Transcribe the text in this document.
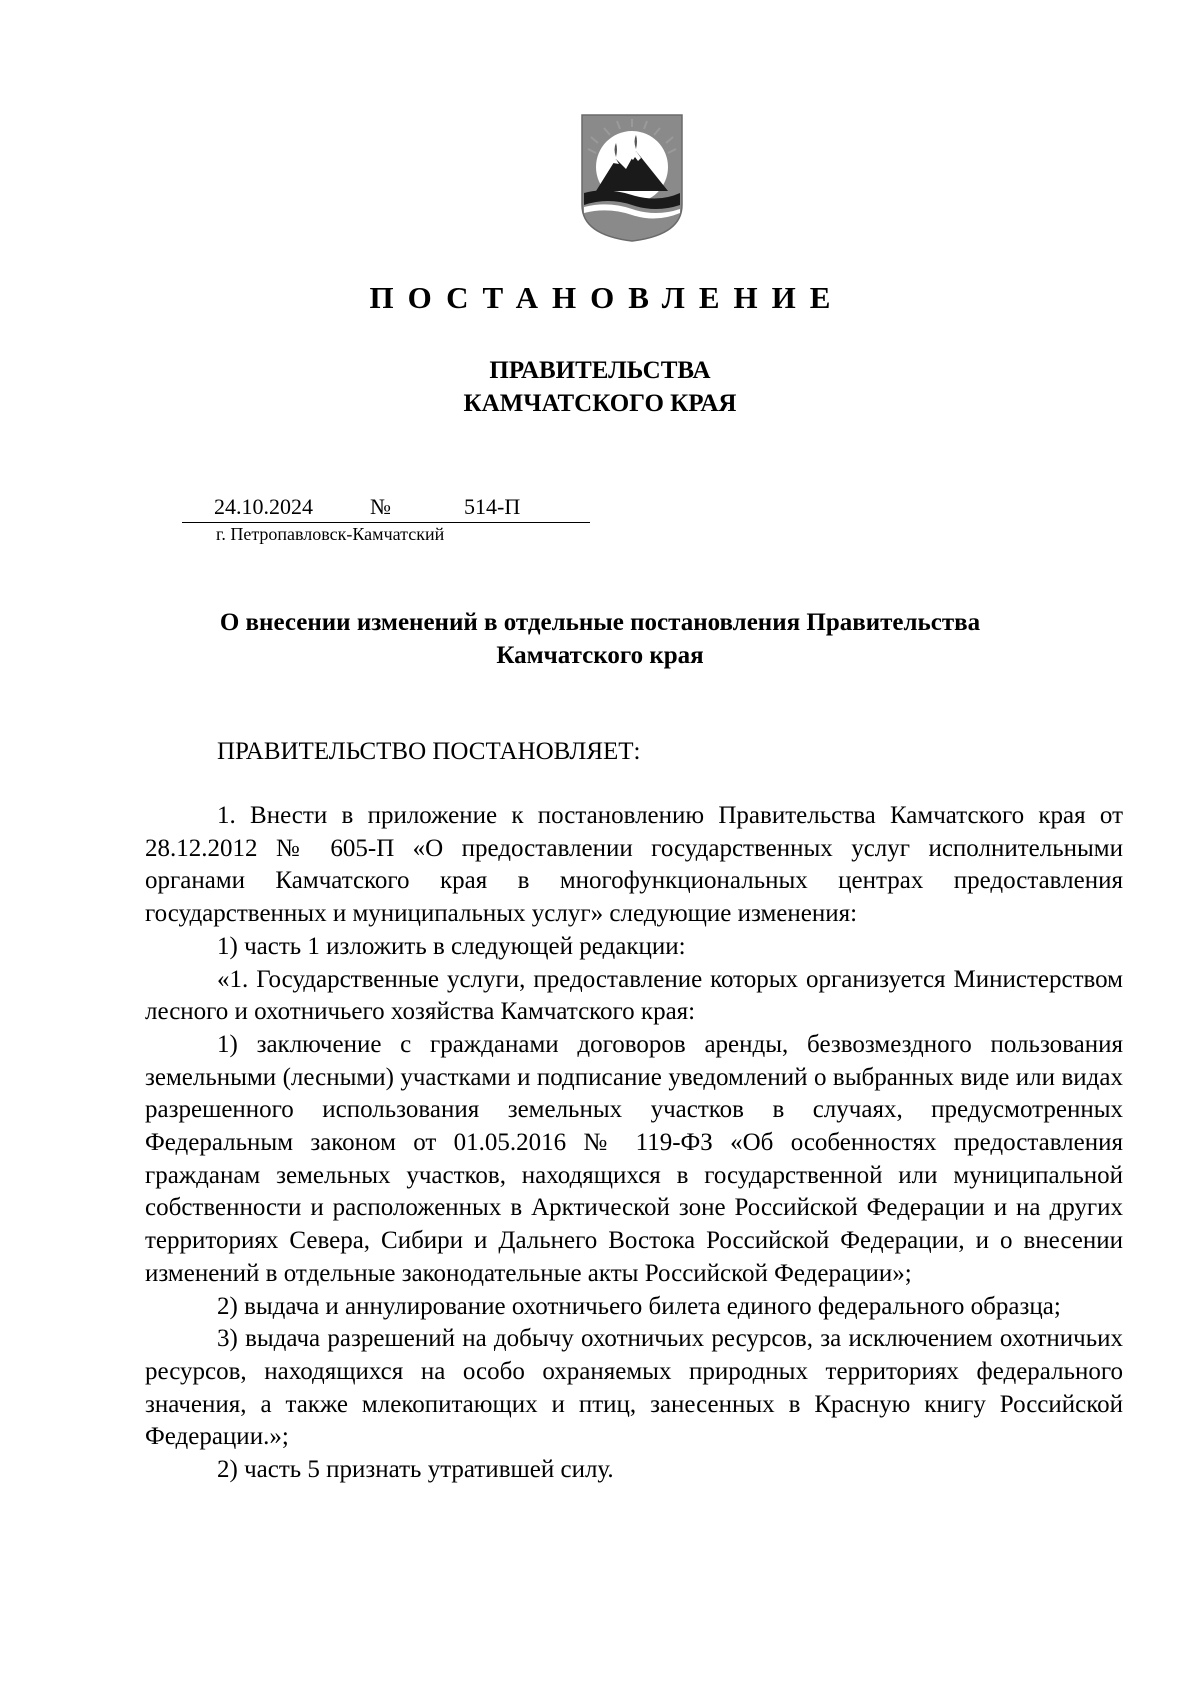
ПОСТАНОВЛЕНИЕ
ПРАВИТЕЛЬСТВА
КАМЧАТСКОГО КРАЯ
24.10.2024	№	514-П
г. Петропавловск-Камчатский
О внесении изменений в отдельные постановления Правительства
Камчатского края
ПРАВИТЕЛЬСТВО ПОСТАНОВЛЯЕТ:

1. Внести в приложение к постановлению Правительства Камчатского края от 28.12.2012 № 605-П «О предоставлении государственных услуг исполнительными органами Камчатского края в многофункциональных центрах предоставления государственных и муниципальных услуг» следующие изменения:

1) часть 1 изложить в следующей редакции:

«1. Государственные услуги, предоставление которых организуется Министерством лесного и охотничьего хозяйства Камчатского края:

1) заключение с гражданами договоров аренды, безвозмездного пользования земельными (лесными) участками и подписание уведомлений о выбранных виде или видах разрешенного использования земельных участков в случаях, предусмотренных Федеральным законом от 01.05.2016 № 119-ФЗ «Об особенностях предоставления гражданам земельных участков, находящихся в государственной или муниципальной собственности и расположенных в Арктической зоне Российской Федерации и на других территориях Севера, Сибири и Дальнего Востока Российской Федерации, и о внесении изменений в отдельные законодательные акты Российской Федерации»;

2) выдача и аннулирование охотничьего билета единого федерального образца;

3) выдача разрешений на добычу охотничьих ресурсов, за исключением охотничьих ресурсов, находящихся на особо охраняемых природных территориях федерального значения, а также млекопитающих и птиц, занесенных в Красную книгу Российской Федерации.»;

2) часть 5 признать утратившей силу.
